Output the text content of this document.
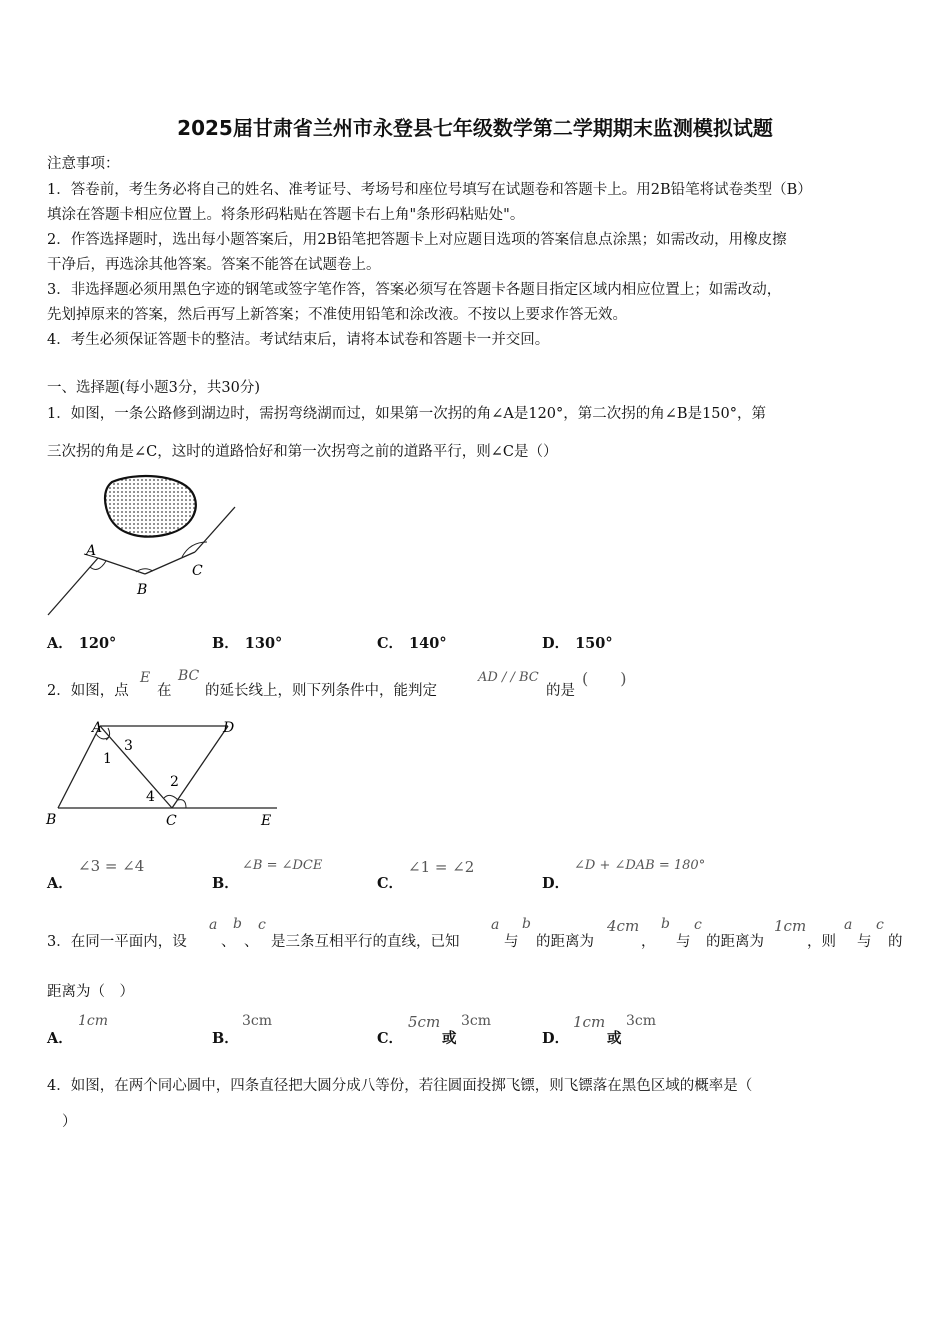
2025届甘肃省兰州市永登县七年级数学第二学期期末监测模拟试题
注意事项：
1．答卷前，考生务必将自己的姓名、准考证号、考场号和座位号填写在试题卷和答题卡上。用2B铅笔将试卷类型（B）
填涂在答题卡相应位置上。将条形码粘贴在答题卡右上角"条形码粘贴处"。
2．作答选择题时，选出每小题答案后，用2B铅笔把答题卡上对应题目选项的答案信息点涂黑；如需改动，用橡皮擦
干净后，再选涂其他答案。答案不能答在试题卷上。
3．非选择题必须用黑色字迹的钢笔或签字笔作答，答案必须写在答题卡各题目指定区域内相应位置上；如需改动，
先划掉原来的答案，然后再写上新答案；不准使用铅笔和涂改液。不按以上要求作答无效。
4．考生必须保证答题卡的整洁。考试结束后，请将本试卷和答题卡一并交回。
一、选择题(每小题3分，共30分)
1．如图，一条公路修到湖边时，需拐弯绕湖而过，如果第一次拐的角∠A是120°，第二次拐的角∠B是150°，第
三次拐的角是∠C，这时的道路恰好和第一次拐弯之前的道路平行，则∠C是（）
A
B
C
A． 120°	B． 130°	C． 140°	D． 150°
2．如图，点
E
在
BC
的延长线上，则下列条件中，能判定
AD / / BC
的是
(　　)
A	D
B	C	E
1
2
3
4
A．
∠3 = ∠4
B．
∠B = ∠DCE
C．
∠1 = ∠2
D．
∠D + ∠DAB = 180°
3．在同一平面内，设
a
、
b
、
c
是三条互相平行的直线，已知
a
与
b
的距离为
4cm
，
b
与
c
的距离为
1cm
，则
a
与
c
的
距离为（　）
A．
1cm
B．
3cm
C．
5cm
或
3cm
D．
1cm
或
3cm
4．如图，在两个同心圆中，四条直径把大圆分成八等份，若往圆面投掷飞镖，则飞镖落在黑色区域的概率是（
）
